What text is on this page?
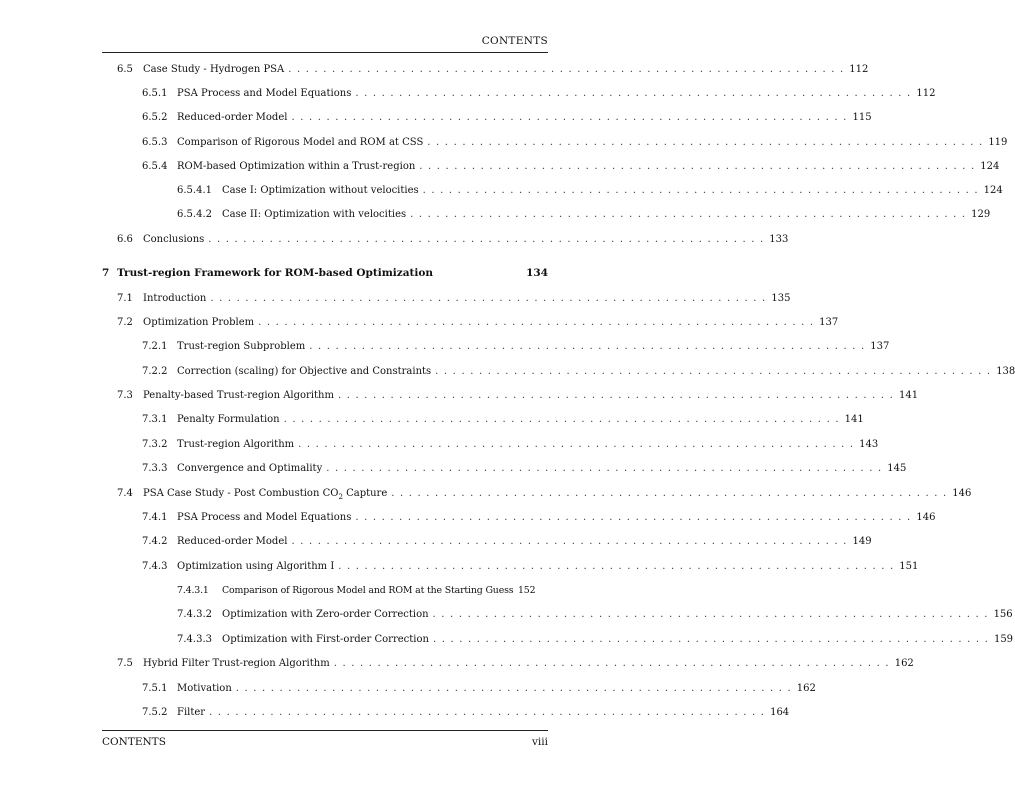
CONTENTS
6.5	Case Study - Hydrogen PSA . . . . . . . . . . . . . . . . . . . . . . . . . . . . . . . . . . . . . . . . . . . . . . . . . . . . . . . . . . . . . . . . 112
6.5.1 PSA Process and Model Equations . . . . . . . . . . . . . . . . . . . . . . . . . . . . . . . . . . . . . . . . . . . . . . . . . . . . . . . . . . . . . . . . 112
6.5.2 Reduced-order Model . . . . . . . . . . . . . . . . . . . . . . . . . . . . . . . . . . . . . . . . . . . . . . . . . . . . . . . . . . . . . . . . 115
6.5.3 Comparison of Rigorous Model and ROM at CSS . . . . . . . . . . . . . . . . . . . . . . . . . . . . . . . . . . . . . . . . . . . . . . . . . . . . . . . . . . . . . . . . 119
6.5.4 ROM-based Optimization within a Trust-region . . . . . . . . . . . . . . . . . . . . . . . . . . . . . . . . . . . . . . . . . . . . . . . . . . . . . . . . . . . . . . . . 124
6.5.4.1	Case I: Optimization without velocities . . . . . . . . . . . . . . . . . . . . . . . . . . . . . . . . . . . . . . . . . . . . . . . . . . . . . . . . . . . . . . . . 124
6.5.4.2	Case II: Optimization with velocities . . . . . . . . . . . . . . . . . . . . . . . . . . . . . . . . . . . . . . . . . . . . . . . . . . . . . . . . . . . . . . . . 129
6.6	Conclusions . . . . . . . . . . . . . . . . . . . . . . . . . . . . . . . . . . . . . . . . . . . . . . . . . . . . . . . . . . . . . . . . 133
7 Trust-region Framework for ROM-based Optimization	134
7.1	Introduction . . . . . . . . . . . . . . . . . . . . . . . . . . . . . . . . . . . . . . . . . . . . . . . . . . . . . . . . . . . . . . . . 135
7.2	Optimization Problem . . . . . . . . . . . . . . . . . . . . . . . . . . . . . . . . . . . . . . . . . . . . . . . . . . . . . . . . . . . . . . . . 137
7.2.1 Trust-region Subproblem . . . . . . . . . . . . . . . . . . . . . . . . . . . . . . . . . . . . . . . . . . . . . . . . . . . . . . . . . . . . . . . . 137
7.2.2 Correction (scaling) for Objective and Constraints . . . . . . . . . . . . . . . . . . . . . . . . . . . . . . . . . . . . . . . . . . . . . . . . . . . . . . . . . . . . . . . . 138
7.3	Penalty-based Trust-region Algorithm . . . . . . . . . . . . . . . . . . . . . . . . . . . . . . . . . . . . . . . . . . . . . . . . . . . . . . . . . . . . . . . . 141
7.3.1 Penalty Formulation . . . . . . . . . . . . . . . . . . . . . . . . . . . . . . . . . . . . . . . . . . . . . . . . . . . . . . . . . . . . . . . . 141
7.3.2 Trust-region Algorithm . . . . . . . . . . . . . . . . . . . . . . . . . . . . . . . . . . . . . . . . . . . . . . . . . . . . . . . . . . . . . . . . 143
7.3.3 Convergence and Optimality . . . . . . . . . . . . . . . . . . . . . . . . . . . . . . . . . . . . . . . . . . . . . . . . . . . . . . . . . . . . . . . . 145
7.4	PSA Case Study - Post Combustion $CO_2$ Capture . . . . . . . . . . . . . . . . . . . . . . . . . . . . . . . . . . . . . . . . . . . . . . . . . . . . . . . . . . . . . . . . 146
7.4.1 PSA Process and Model Equations . . . . . . . . . . . . . . . . . . . . . . . . . . . . . . . . . . . . . . . . . . . . . . . . . . . . . . . . . . . . . . . . 146
7.4.2 Reduced-order Model . . . . . . . . . . . . . . . . . . . . . . . . . . . . . . . . . . . . . . . . . . . . . . . . . . . . . . . . . . . . . . . . 149
7.4.3 Optimization using Algorithm I . . . . . . . . . . . . . . . . . . . . . . . . . . . . . . . . . . . . . . . . . . . . . . . . . . . . . . . . . . . . . . . . 151
7.4.3.1	Comparison of Rigorous Model and ROM at the Starting Guess 152
7.4.3.2	Optimization with Zero-order Correction . . . . . . . . . . . . . . . . . . . . . . . . . . . . . . . . . . . . . . . . . . . . . . . . . . . . . . . . . . . . . . . . 156
7.4.3.3	Optimization with First-order Correction . . . . . . . . . . . . . . . . . . . . . . . . . . . . . . . . . . . . . . . . . . . . . . . . . . . . . . . . . . . . . . . . 159
7.5	Hybrid Filter Trust-region Algorithm . . . . . . . . . . . . . . . . . . . . . . . . . . . . . . . . . . . . . . . . . . . . . . . . . . . . . . . . . . . . . . . . 162
7.5.1 Motivation . . . . . . . . . . . . . . . . . . . . . . . . . . . . . . . . . . . . . . . . . . . . . . . . . . . . . . . . . . . . . . . . 162
7.5.2 Filter . . . . . . . . . . . . . . . . . . . . . . . . . . . . . . . . . . . . . . . . . . . . . . . . . . . . . . . . . . . . . . . . 164
CONTENTS	viii
